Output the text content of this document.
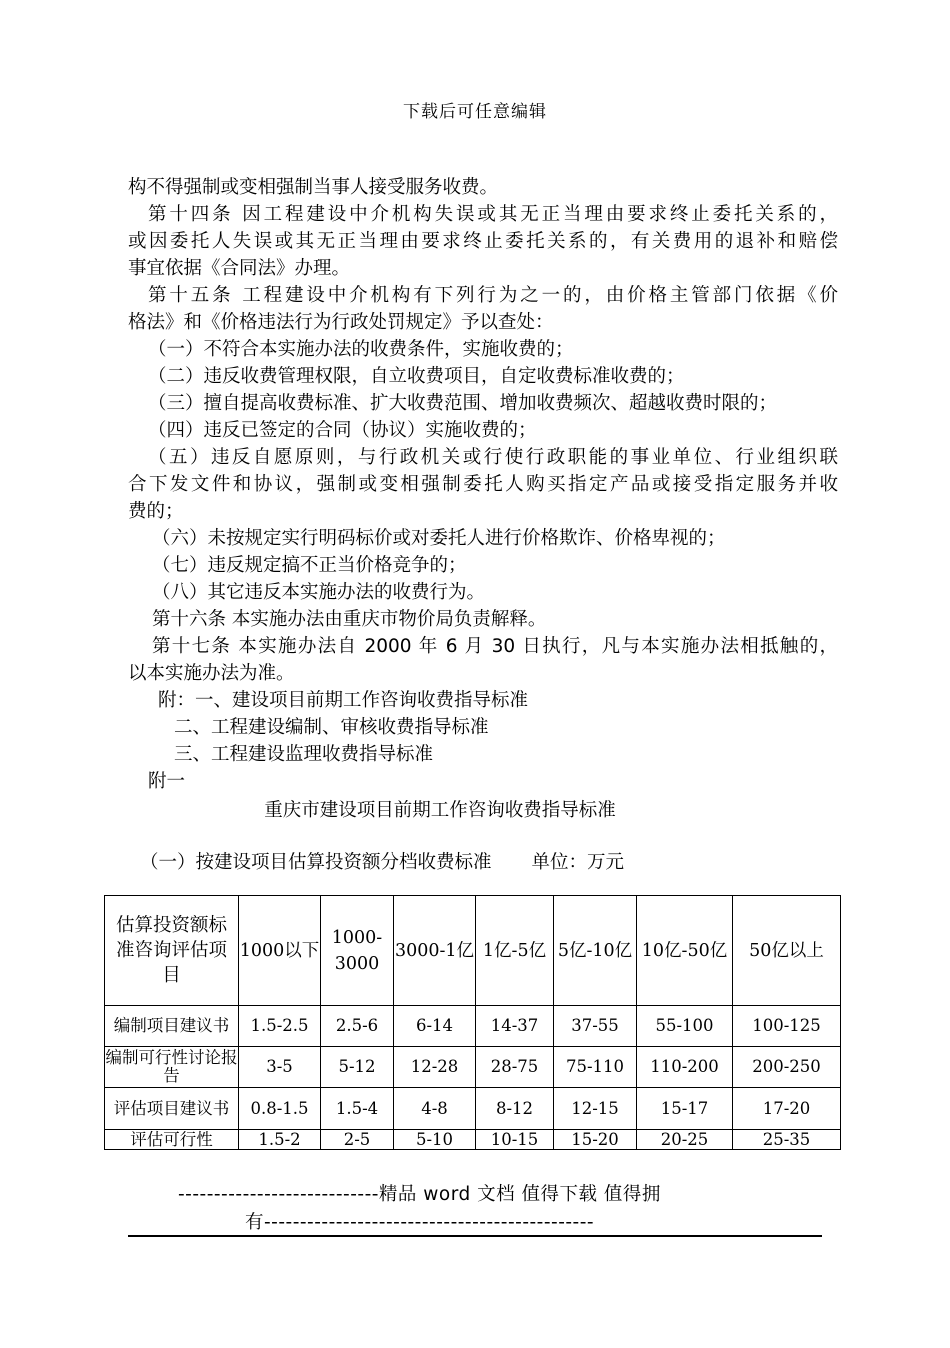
下载后可任意编辑
构不得强制或变相强制当事人接受服务收费。
第十四条 因工程建设中介机构失误或其无正当理由要求终止委托关系的，
或因委托人失误或其无正当理由要求终止委托关系的，有关费用的退补和赔偿
事宜依据《合同法》办理。
第十五条 工程建设中介机构有下列行为之一的，由价格主管部门依据《价
格法》和《价格违法行为行政处罚规定》予以查处：
（一）不符合本实施办法的收费条件，实施收费的；
（二）违反收费管理权限，自立收费项目，自定收费标准收费的；
（三）擅自提高收费标准、扩大收费范围、增加收费频次、超越收费时限的；
（四）违反已签定的合同（协议）实施收费的；
（五）违反自愿原则，与行政机关或行使行政职能的事业单位、行业组织联
合下发文件和协议，强制或变相强制委托人购买指定产品或接受指定服务并收
费的；
（六）未按规定实行明码标价或对委托人进行价格欺诈、价格卑视的；
（七）违反规定搞不正当价格竞争的；
（八）其它违反本实施办法的收费行为。
第十六条 本实施办法由重庆市物价局负责解释。
第十七条 本实施办法自 2000 年 6 月 30 日执行，凡与本实施办法相抵触的，
以本实施办法为准。
附：一、建设项目前期工作咨询收费指导标准
二、工程建设编制、审核收费指导标准
三、工程建设监理收费指导标准
附一
重庆市建设项目前期工作咨询收费指导标准
（一）按建设项目估算投资额分档收费标准 单位：万元
估算投资额标准咨询评估项目	1000以下	1000-3000	3000-1亿	1亿-5亿	5亿-10亿	10亿-50亿	50亿以上
编制项目建议书	1.5-2.5	2.5-6	6-14	14-37	37-55	55-100	100-125
编制可行性讨论报告	3-5	5-12	12-28	28-75	75-110	110-200	200-250
评估项目建议书	0.8-1.5	1.5-4	4-8	8-12	12-15	15-17	17-20
评估可行性	1.5-2	2-5	5-10	10-15	15-20	20-25	25-35
----------------------------精品 word 文档 值得下载 值得拥
有----------------------------------------------
